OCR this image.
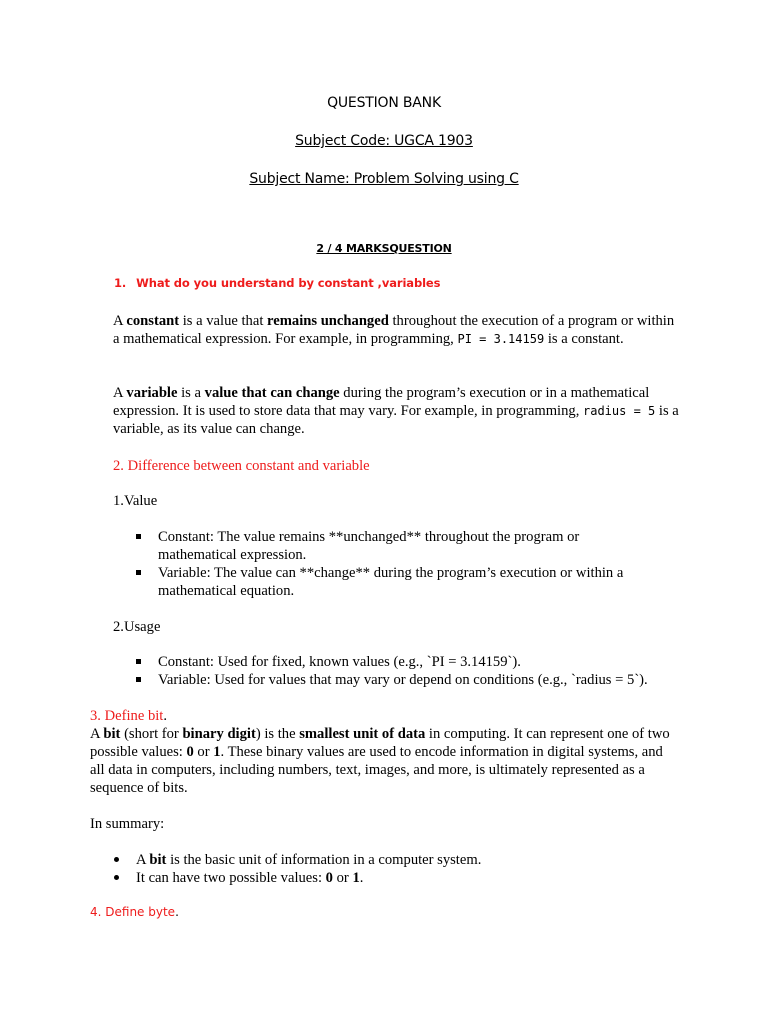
QUESTION BANK
Subject Code: UGCA 1903
Subject Name: Problem Solving using C
2 / 4 MARKSQUESTION
1. What do you understand by constant ,variables

A constant is a value that remains unchanged throughout the execution of a program or within a mathematical expression. For example, in programming, PI = 3.14159 is a constant.

A variable is a value that can change during the program’s execution or in a mathematical expression. It is used to store data that may vary. For example, in programming, radius = 5 is a variable, as its value can change.

2. Difference between constant and variable

1.Value

Constant: The value remains **unchanged** throughout the program or mathematical expression.
Variable: The value can **change** during the program’s execution or within a mathematical equation.

2.Usage

Constant: Used for fixed, known values (e.g., `PI = 3.14159`).
Variable: Used for values that may vary or depend on conditions (e.g., `radius = 5`).

3. Define bit.

A bit (short for binary digit) is the smallest unit of data in computing. It can represent one of two possible values: 0 or 1. These binary values are used to encode information in digital systems, and all data in computers, including numbers, text, images, and more, is ultimately represented as a sequence of bits.

In summary:

A bit is the basic unit of information in a computer system.
It can have two possible values: 0 or 1.

4. Define byte.
